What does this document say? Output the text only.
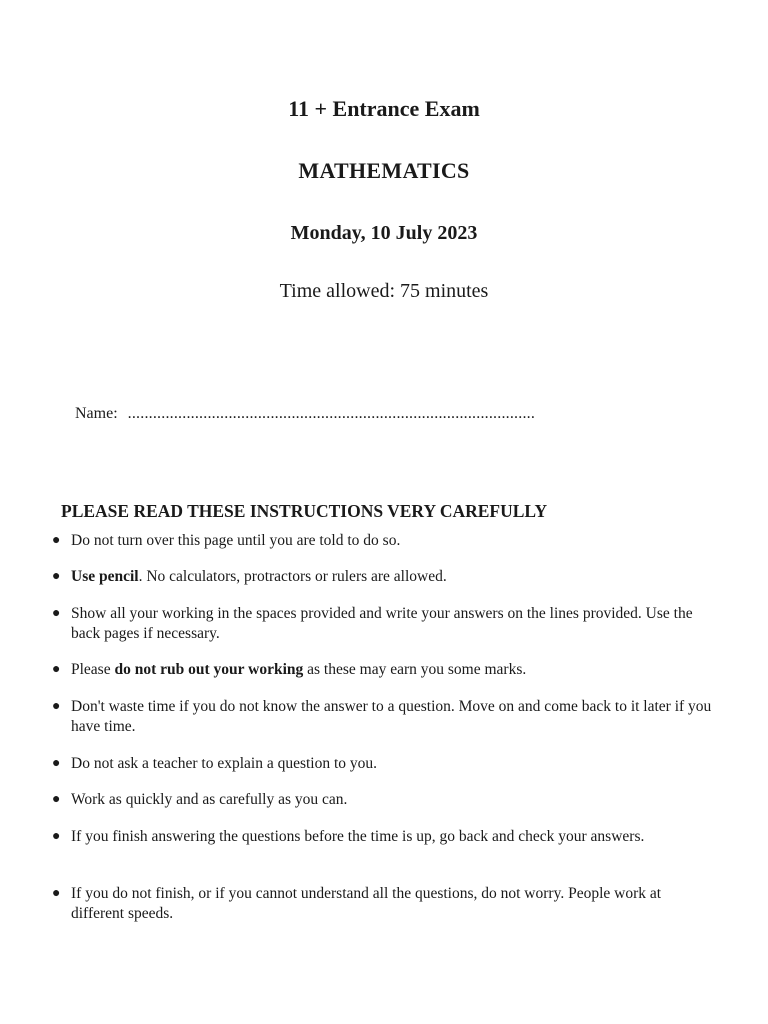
11 + Entrance Exam
MATHEMATICS
Monday, 10 July 2023
Time allowed: 75 minutes
Name: .................................................................................................
PLEASE READ THESE INSTRUCTIONS VERY CAREFULLY
● Do not turn over this page until you are told to do so.
● Use pencil. No calculators, protractors or rulers are allowed.
● Show all your working in the spaces provided and write your answers on the lines provided. Use the back pages if necessary.
● Please do not rub out your working as these may earn you some marks.
● Don't waste time if you do not know the answer to a question. Move on and come back to it later if you have time.
● Do not ask a teacher to explain a question to you.
● Work as quickly and as carefully as you can.
● If you finish answering the questions before the time is up, go back and check your answers.
● If you do not finish, or if you cannot understand all the questions, do not worry. People work at different speeds.
